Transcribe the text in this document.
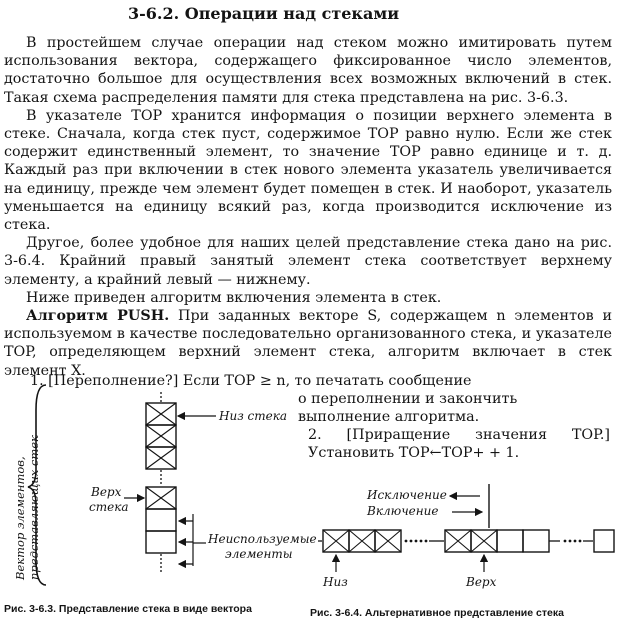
3-6.2. Операции над стеками

В простейшем случае операции над стеком можно имитировать путем использования вектора, содержащего фиксированное число элементов, достаточно большое для осуществления всех возможных включений в стек. Такая схема распределения памяти для стека представлена на рис. 3-6.3.

В указателе TOP хранится информация о позиции верхнего элемента в стеке. Сначала, когда стек пуст, содержимое TOP равно нулю. Если же стек содержит единственный элемент, то значение TOP равно единице и т. д. Каждый раз при включении в стек нового элемента указатель увеличивается на единицу, прежде чем элемент будет помещен в стек. И наоборот, указатель уменьшается на единицу всякий раз, когда производится исключение из стека.

Другое, более удобное для наших целей представление стека дано на рис. 3-6.4. Крайний правый занятый элемент стека соответствует верхнему элементу, а крайний левый — нижнему.

Ниже приведен алгоритм включения элемента в стек.

Алгоритм PUSH. При заданных векторе S, содержащем n элементов и используемом в качестве последовательно организованного стека, и указателе TOP, определяющем верхний элемент стека, алгоритм включает в стек элемент X.

1. [Переполнение?] Если TOP ≥ n, то печатать сообщение
о переполнении и закончить выполнение алгоритма.
2. [Приращение значения TOP.] Установить TOP←TOP+ + 1.
Вектор элементов, представляющих стек
Низ стека
Верх
стека
Неиспользуемые
элементы
Исключение
Включение
Низ	Верх
Рис. 3-6.3. Представление стека в виде вектора	Рис. 3-6.4. Альтернативное представление стека
